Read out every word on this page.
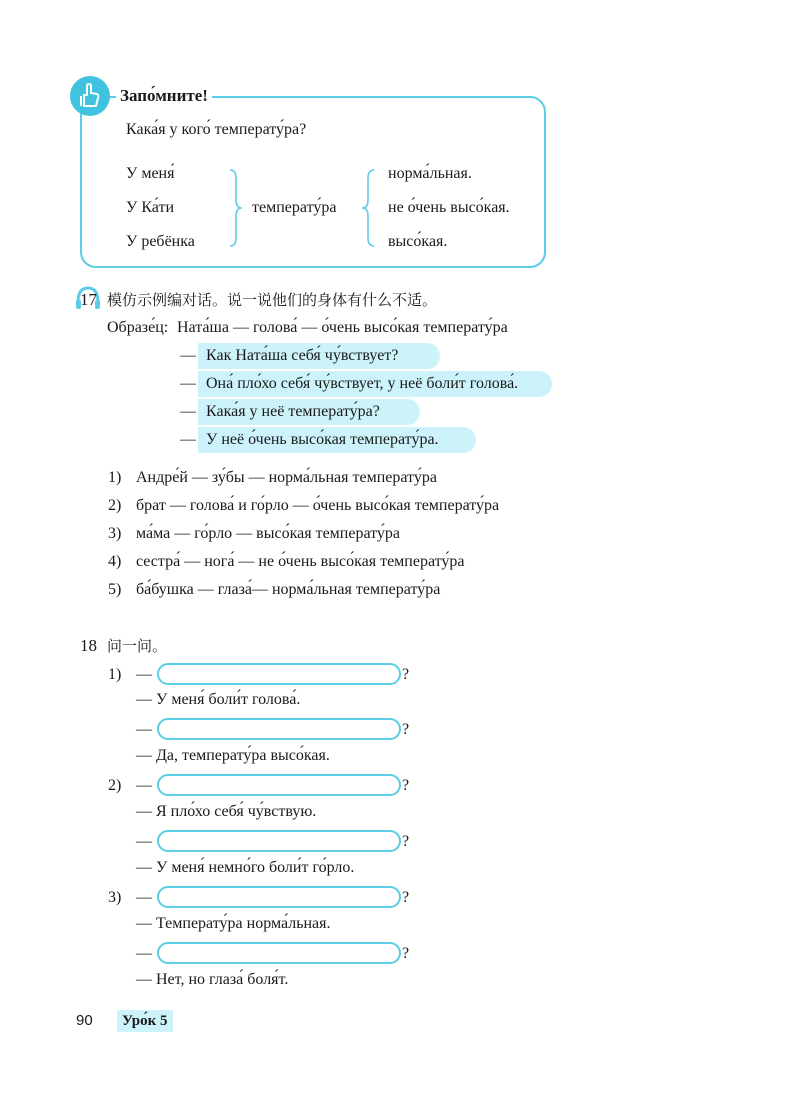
Запо́мните!
Кака́я у кого́ температу́ра?
У меня́
У Ка́ти
У ребёнка
температу́ра
норма́льная.
не о́чень высо́кая.
высо́кая.
17 模仿示例编对话。说一说他们的身体有什么不适。
Образе́ц: Ната́ша — голова́ — о́чень высо́кая температу́ра
— Как Ната́ша себя́ чу́вствует?
— Она́ пло́хо себя́ чу́вствует, у неё боли́т голова́.
— Кака́я у неё температу́ра?
— У неё о́чень высо́кая температу́ра.
1) Андре́й — зу́бы — норма́льная температу́ра
2) брат — голова́ и го́рло — о́чень высо́кая температу́ра
3) ма́ма — го́рло — высо́кая температу́ра
4) сестра́ — нога́ — не о́чень высо́кая температу́ра
5) ба́бушка — глаза́— норма́льная температу́ра
18 问一问。
1) —	?
— У меня́ боли́т голова́.
—	?
— Да, температу́ра высо́кая.
2) —	?
— Я пло́хо себя́ чу́вствую.
—	?
— У меня́ немно́го боли́т го́рло.
3) —	?
— Температу́ра норма́льная.
—	?
— Нет, но глаза́ боля́т.
90 Уро́к 5
